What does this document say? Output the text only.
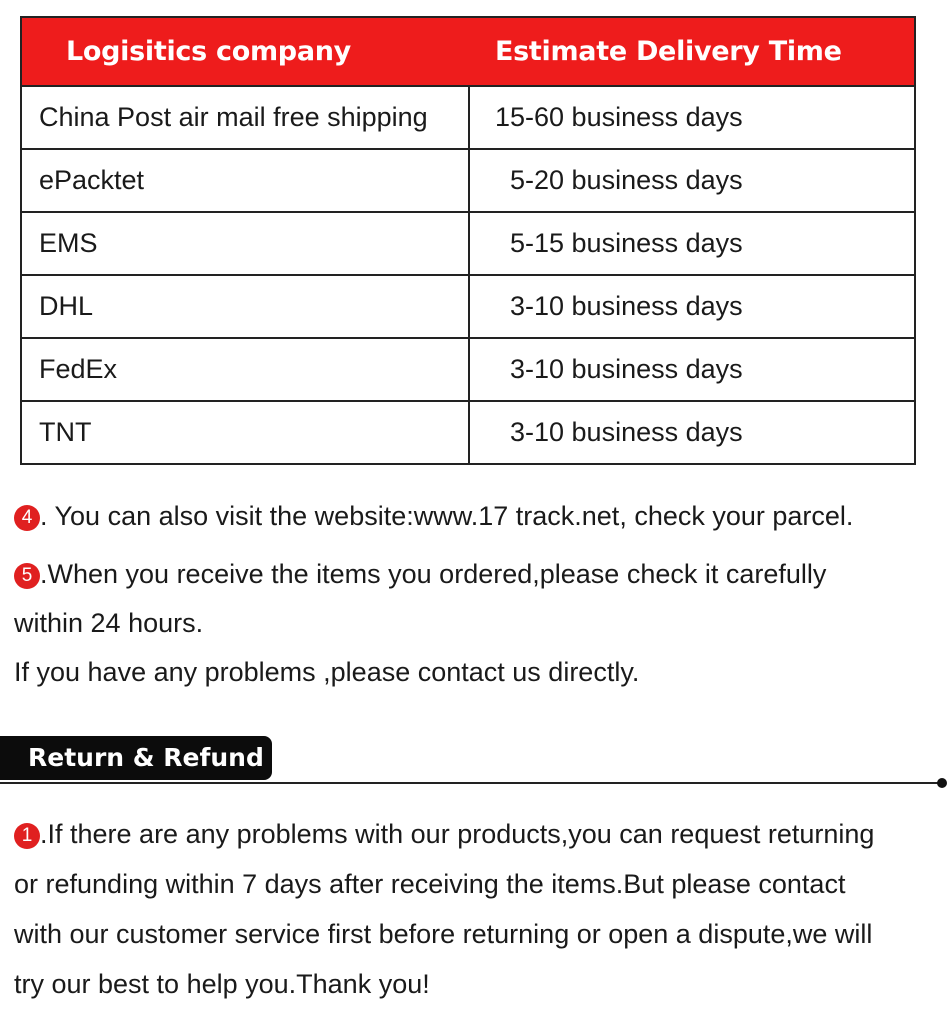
Logisitics company	Estimate Delivery Time
China Post air mail free shipping	15-60 business days
ePacktet	5-20 business days
EMS	5-15 business days
DHL	3-10 business days
FedEx	3-10 business days
TNT	3-10 business days
4 . You can also visit the website:www.17 track.net, check your parcel.
5 .When you receive the items you ordered,please check it carefully
within 24 hours.
If you have any problems ,please contact us directly.
Return & Refund
1 .If there are any problems with our products,you can request returning
or refunding within 7 days after receiving the items.But please contact
with our customer service first before returning or open a dispute,we will
try our best to help you.Thank you!
